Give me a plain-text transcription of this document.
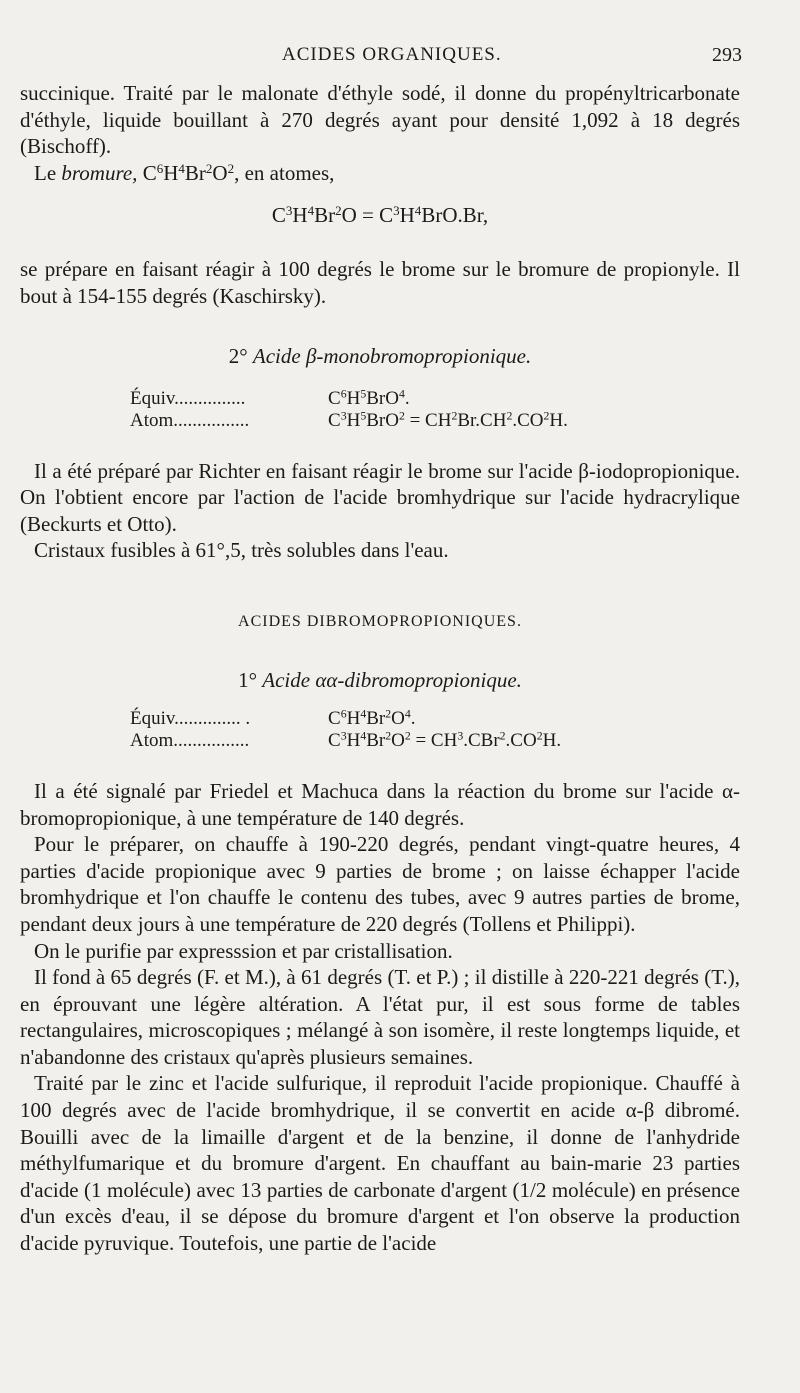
ACIDES ORGANIQUES.	293

succinique. Traité par le malonate d'éthyle sodé, il donne du propényltricarbonate d'éthyle, liquide bouillant à 270 degrés ayant pour densité 1,092 à 18 degrés (Bischoff).

Le bromure, $C^6H^4Br^2O^2$, en atomes,

$C^3H^4Br^2O = C^3H^4BrO.Br$,

se prépare en faisant réagir à 100 degrés le brome sur le bromure de propionyle. Il bout à 154-155 degrés (Kaschirsky).

2° Acide β-monobromopropionique.
Équiv...............	$C^6H^5BrO^4$.
Atom................	$C^3H^5BrO^2 = CH^2Br.CH^2.CO^2H$.

Il a été préparé par Richter en faisant réagir le brome sur l'acide β-iodopropionique. On l'obtient encore par l'action de l'acide bromhydrique sur l'acide hydracrylique (Beckurts et Otto).

Cristaux fusibles à 61°,5, très solubles dans l'eau.

ACIDES DIBROMOPROPIONIQUES.
1° Acide αα-dibromopropionique.
Équiv.............. .	$C^6H^4Br^2O^4$.
Atom................	$C^3H^4Br^2O^2 = CH^3.CBr^2.CO^2H$.

Il a été signalé par Friedel et Machuca dans la réaction du brome sur l'acide α-bromopropionique, à une température de 140 degrés.

Pour le préparer, on chauffe à 190-220 degrés, pendant vingt-quatre heures, 4 parties d'acide propionique avec 9 parties de brome ; on laisse échapper l'acide bromhydrique et l'on chauffe le contenu des tubes, avec 9 autres parties de brome, pendant deux jours à une température de 220 degrés (Tollens et Philippi).

On le purifie par expresssion et par cristallisation.

Il fond à 65 degrés (F. et M.), à 61 degrés (T. et P.) ; il distille à 220-221 degrés (T.), en éprouvant une légère altération. A l'état pur, il est sous forme de tables rectangulaires, microscopiques ; mélangé à son isomère, il reste longtemps liquide, et n'abandonne des cristaux qu'après plusieurs semaines.

Traité par le zinc et l'acide sulfurique, il reproduit l'acide propionique. Chauffé à 100 degrés avec de l'acide bromhydrique, il se convertit en acide α-β dibromé. Bouilli avec de la limaille d'argent et de la benzine, il donne de l'anhydride méthylfumarique et du bromure d'argent. En chauffant au bain-marie 23 parties d'acide (1 molécule) avec 13 parties de carbonate d'argent (1/2 molécule) en présence d'un excès d'eau, il se dépose du bromure d'argent et l'on observe la production d'acide pyruvique. Toutefois, une partie de l'acide
